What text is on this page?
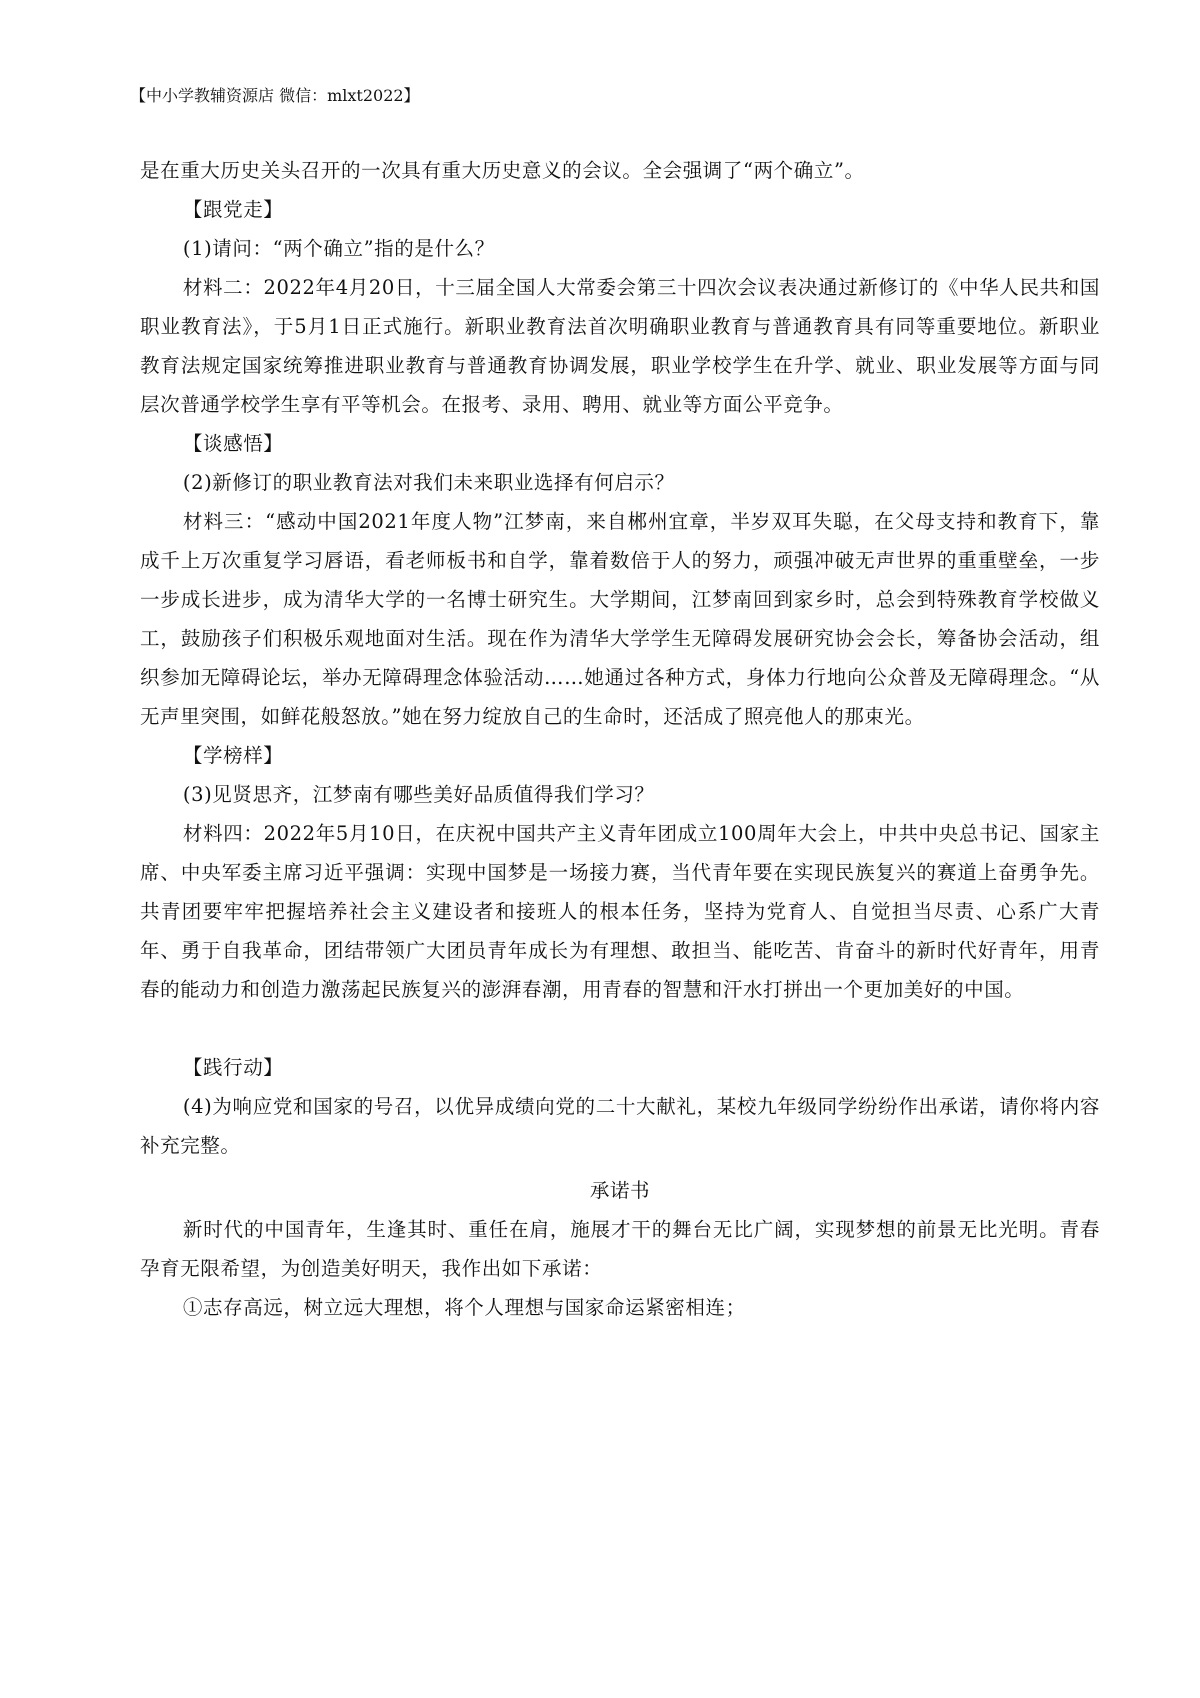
【中小学教辅资源店 微信：mlxt2022】

是在重大历史关头召开的一次具有重大历史意义的会议。全会强调了“两个确立”。

【跟党走】

(1)请问：“两个确立”指的是什么？

材料二：2022年4月20日，十三届全国人大常委会第三十四次会议表决通过新修订的《中华人民共和国职业教育法》，于5月1日正式施行。新职业教育法首次明确职业教育与普通教育具有同等重要地位。新职业教育法规定国家统筹推进职业教育与普通教育协调发展，职业学校学生在升学、就业、职业发展等方面与同层次普通学校学生享有平等机会。在报考、录用、聘用、就业等方面公平竞争。

【谈感悟】

(2)新修订的职业教育法对我们未来职业选择有何启示？

材料三：“感动中国2021年度人物”江梦南，来自郴州宜章，半岁双耳失聪，在父母支持和教育下，靠成千上万次重复学习唇语，看老师板书和自学，靠着数倍于人的努力，顽强冲破无声世界的重重壁垒，一步一步成长进步，成为清华大学的一名博士研究生。大学期间，江梦南回到家乡时，总会到特殊教育学校做义工，鼓励孩子们积极乐观地面对生活。现在作为清华大学学生无障碍发展研究协会会长，筹备协会活动，组织参加无障碍论坛，举办无障碍理念体验活动……她通过各种方式，身体力行地向公众普及无障碍理念。“从无声里突围，如鲜花般怒放。”她在努力绽放自己的生命时，还活成了照亮他人的那束光。

【学榜样】

(3)见贤思齐，江梦南有哪些美好品质值得我们学习？

材料四：2022年5月10日，在庆祝中国共产主义青年团成立100周年大会上，中共中央总书记、国家主席、中央军委主席习近平强调：实现中国梦是一场接力赛，当代青年要在实现民族复兴的赛道上奋勇争先。共青团要牢牢把握培养社会主义建设者和接班人的根本任务，坚持为党育人、自觉担当尽责、心系广大青年、勇于自我革命，团结带领广大团员青年成长为有理想、敢担当、能吃苦、肯奋斗的新时代好青年，用青春的能动力和创造力激荡起民族复兴的澎湃春潮，用青春的智慧和汗水打拼出一个更加美好的中国。

【践行动】

(4)为响应党和国家的号召，以优异成绩向党的二十大献礼，某校九年级同学纷纷作出承诺，请你将内容补充完整。

承诺书

新时代的中国青年，生逢其时、重任在肩，施展才干的舞台无比广阔，实现梦想的前景无比光明。青春孕育无限希望，为创造美好明天，我作出如下承诺：

①志存高远，树立远大理想，将个人理想与国家命运紧密相连；
